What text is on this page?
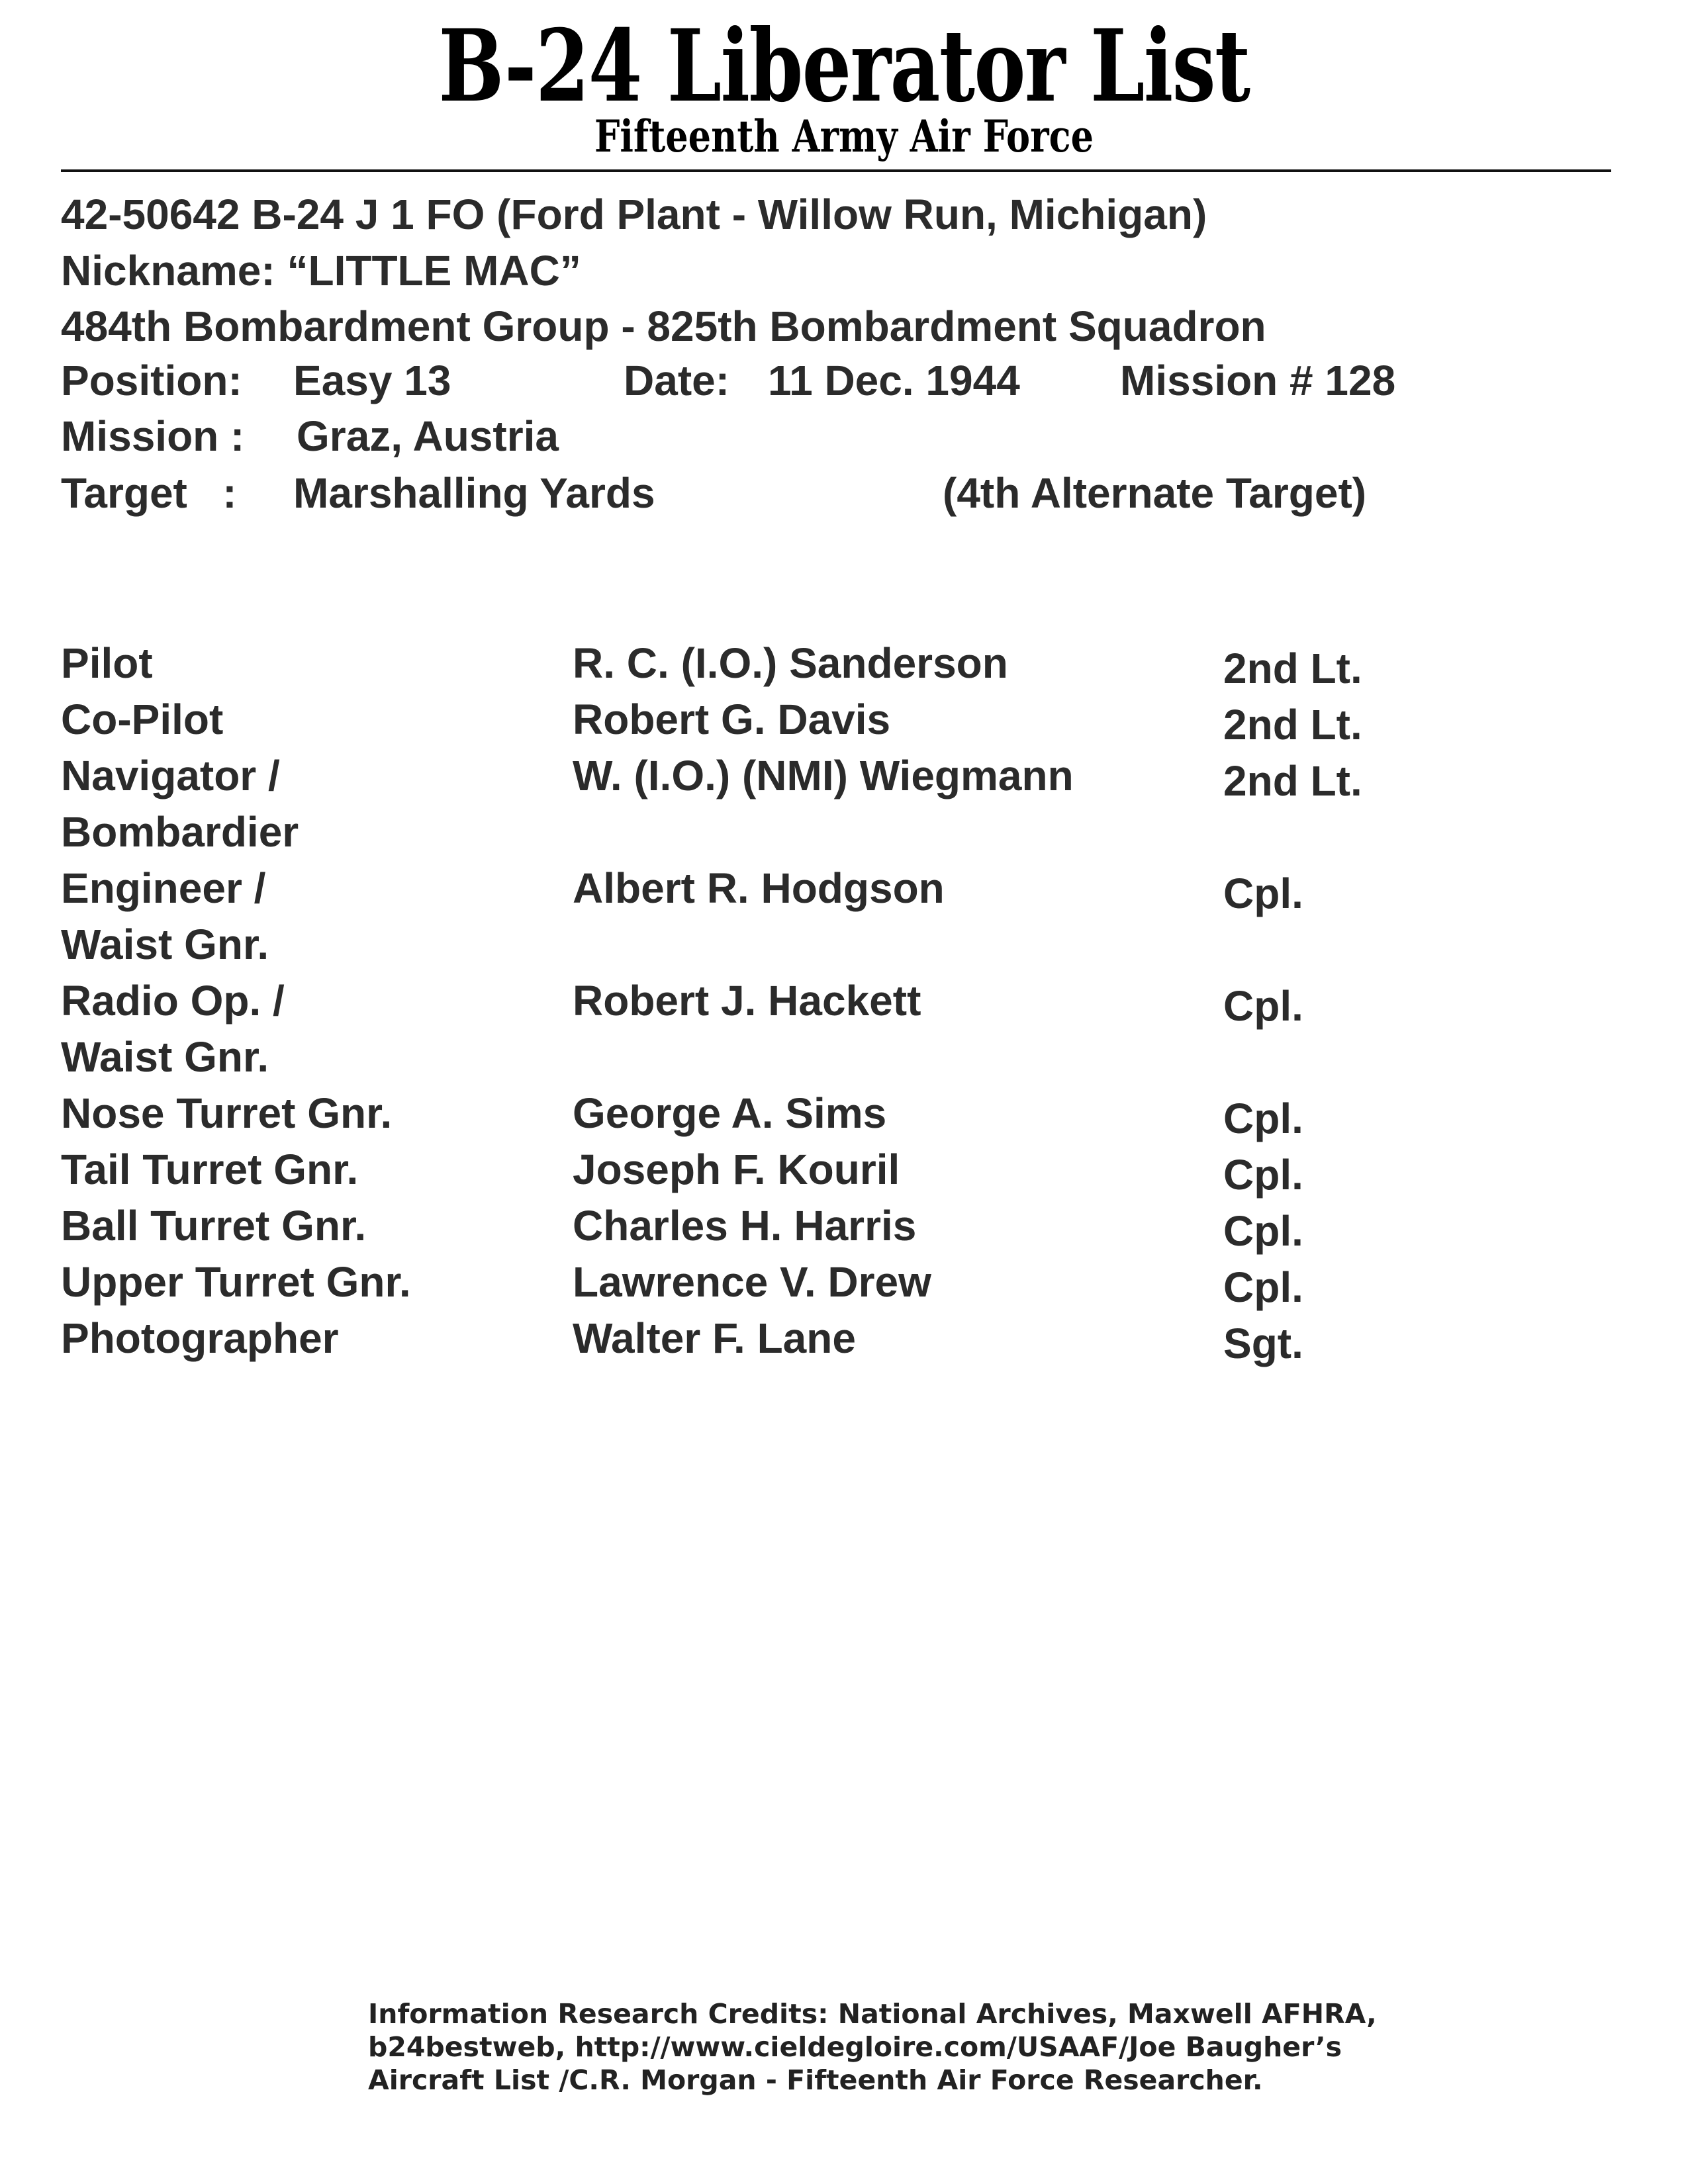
B-24 Liberator List
Fifteenth Army Air Force
42-50642 B-24 J 1 FO (Ford Plant - Willow Run, Michigan)
Nickname: “LITTLE MAC”
484th Bombardment Group - 825th Bombardment Squadron
Position: Easy 13	Date: 11 Dec. 1944 Mission # 128
Mission : Graz, Austria
Target   : Marshalling Yards	(4th Alternate Target)
Pilot	R. C. (I.O.) Sanderson	2nd Lt.
Co-Pilot	Robert G. Davis	2nd Lt.
Navigator /
Bombardier
W. (I.O.) (NMI) Wiegmann	2nd Lt.
Engineer /
Waist Gnr.
Albert R. Hodgson	Cpl.
Radio Op. /
Waist Gnr.
Robert J. Hackett	Cpl.
Nose Turret Gnr.	George A. Sims	Cpl.
Tail Turret Gnr.	Joseph F. Kouril	Cpl.
Ball Turret Gnr.	Charles H. Harris	Cpl.
Upper Turret Gnr.	Lawrence V. Drew	Cpl.
Photographer	Walter F. Lane	Sgt.
Information Research Credits: National Archives, Maxwell AFHRA,
b24bestweb, http://www.cieldegloire.com/USAAF/Joe Baugher’s
Aircraft List /C.R. Morgan - Fifteenth Air Force Researcher.
